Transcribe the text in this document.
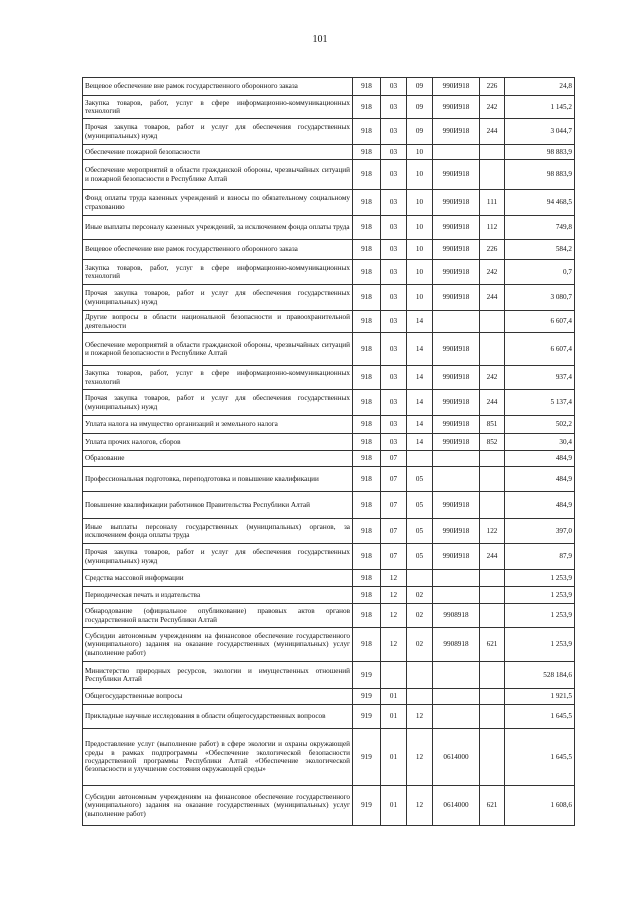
101
Вещевое обеспечение вне рамок государственного оборонного заказа	918	03	09	990И918	226	24,8
Закупка товаров, работ, услуг в сфере информационно-коммуникационных технологий	918	03	09	990И918	242	1 145,2
Прочая закупка товаров, работ и услуг для обеспечения государственных (муниципальных) нужд	918	03	09	990И918	244	3 044,7
Обеспечение пожарной безопасности	918	03	10			98 883,9
Обеспечение мероприятий в области гражданской обороны, чрезвычайных ситуаций и пожарной безопасности в Республике Алтай	918	03	10	990И918		98 883,9
Фонд оплаты труда казенных учреждений и взносы по обязательному социальному страхованию	918	03	10	990И918	111	94 468,5
Иные выплаты персоналу казенных учреждений, за исключением фонда оплаты труда	918	03	10	990И918	112	749,8
Вещевое обеспечение вне рамок государственного оборонного заказа	918	03	10	990И918	226	584,2
Закупка товаров, работ, услуг в сфере информационно-коммуникационных технологий	918	03	10	990И918	242	0,7
Прочая закупка товаров, работ и услуг для обеспечения государственных (муниципальных) нужд	918	03	10	990И918	244	3 080,7
Другие вопросы в области национальной безопасности и правоохранительной деятельности	918	03	14			6 607,4
Обеспечение мероприятий в области гражданской обороны, чрезвычайных ситуаций и пожарной безопасности в Республике Алтай	918	03	14	990И918		6 607,4
Закупка товаров, работ, услуг в сфере информационно-коммуникационных технологий	918	03	14	990И918	242	937,4
Прочая закупка товаров, работ и услуг для обеспечения государственных (муниципальных) нужд	918	03	14	990И918	244	5 137,4
Уплата налога на имущество организаций и земельного налога	918	03	14	990И918	851	502,2
Уплата прочих налогов, сборов	918	03	14	990И918	852	30,4
Образование	918	07				484,9
Профессиональная подготовка, переподготовка и повышение квалификации	918	07	05			484,9
Повышение квалификации работников Правительства Республики Алтай	918	07	05	990И918		484,9
Иные выплаты персоналу государственных (муниципальных) органов, за исключением фонда оплаты труда	918	07	05	990И918	122	397,0
Прочая закупка товаров, работ и услуг для обеспечения государственных (муниципальных) нужд	918	07	05	990И918	244	87,9
Средства массовой информации	918	12				1 253,9
Периодическая печать и издательства	918	12	02			1 253,9
Обнародование (официальное опубликование) правовых актов органов государственной власти Республики Алтай	918	12	02	9908918		1 253,9
Субсидии автономным учреждениям на финансовое обеспечение государственного (муниципального) задания на оказание государственных (муниципальных) услуг (выполнение работ)	918	12	02	9908918	621	1 253,9
Министерство природных ресурсов, экологии и имущественных отношений Республики Алтай	919					528 184,6
Общегосударственные вопросы	919	01				1 921,5
Прикладные научные исследования в области общегосударственных вопросов	919	01	12			1 645,5
Предоставление услуг (выполнение работ) в сфере экологии и охраны окружающей среды в рамках подпрограммы «Обеспечение экологической безопасности государственной программы Республики Алтай «Обеспечение экологической безопасности и улучшение состояния окружающей среды»	919	01	12	0614000		1 645,5
Субсидии автономным учреждениям на финансовое обеспечение государственного (муниципального) задания на оказание государственных (муниципальных) услуг (выполнение работ)	919	01	12	0614000	621	1 608,6
